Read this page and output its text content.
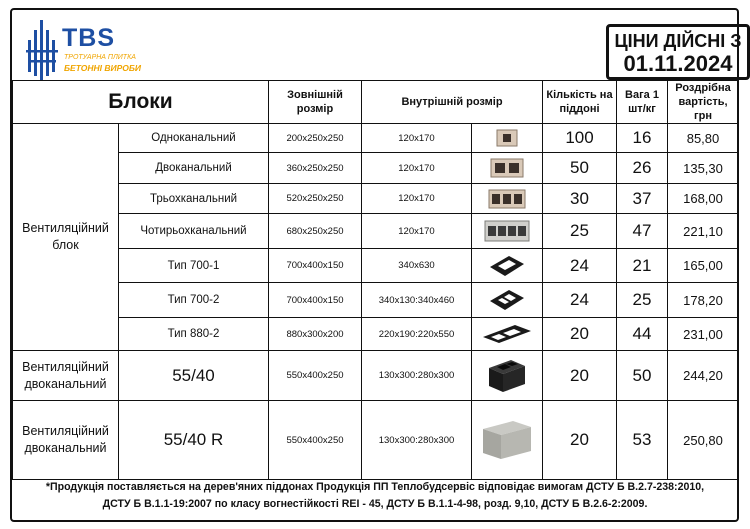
TBS
ТРОТУАРНА ПЛИТКА
БЕТОННІ ВИРОБИ
ЦІНИ ДІЙСНІ З
01.11.2024
Блоки		Зовнішній розмір	Внутрішній розмір		Кількість на піддоні	Вага 1 шт/кг	Роздрібна вартість, грн
Вентиляційний блок	Одноканальний	200x250x250	120x170		100	16	85,80
	Двоканальний	360x250x250	120x170		50	26	135,30
	Трьохканальний	520x250x250	120x170		30	37	168,00
	Чотирьохканальний	680x250x250	120x170		25	47	221,10
	Тип 700-1	700x400x150	340x630		24	21	165,00
	Тип 700-2	700x400x150	340x130:340x460		24	25	178,20
	Тип 880-2	880x300x200	220x190:220x550		20	44	231,00
Вентиляційний двоканальний	55/40	550x400x250	130x300:280x300		20	50	244,20
Вентиляційний двоканальний	55/40 R	550x400x250	130x300:280x300		20	53	250,80
*Продукція поставляється на дерев'яних піддонах Продукція ПП Теплобудсервіс відповідає вимогам ДСТУ Б В.2.7-238:2010,
ДСТУ Б В.1.1-19:2007 по класу вогнестійкості REI - 45, ДСТУ Б В.1.1-4-98, розд. 9,10, ДСТУ Б В.2.6-2:2009.
